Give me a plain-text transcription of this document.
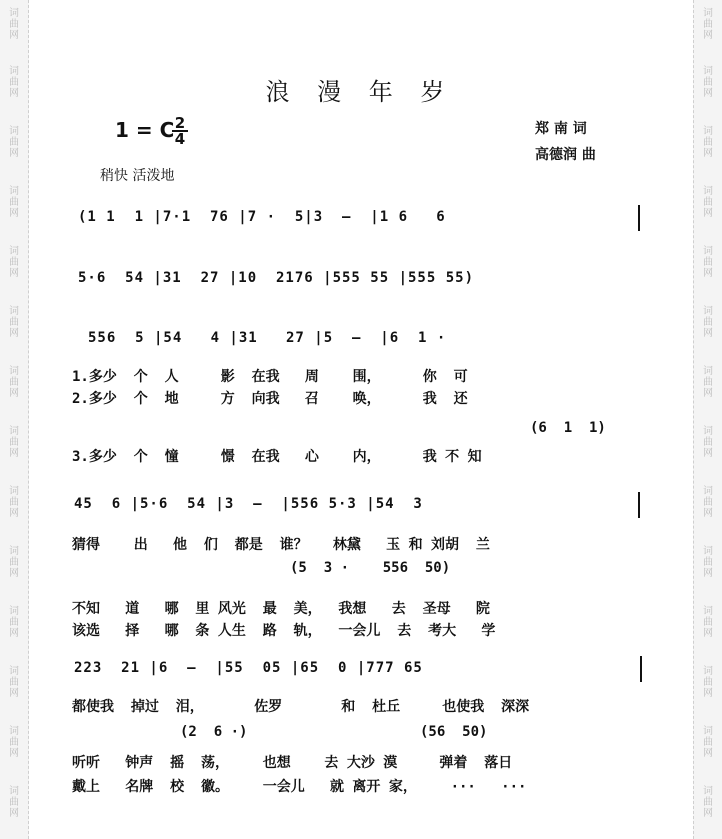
词
曲
网
词
曲
网
词
曲
网
词
曲
网
词
曲
网
词
曲
网
词
曲
网
词
曲
网
词
曲
网
词
曲
网
词
曲
网
词
曲
网
词
曲
网
词
曲
网
词
曲
网
词
曲
网
词
曲
网
词
曲
网
词
曲
网
词
曲
网
词
曲
网
词
曲
网
词
曲
网
词
曲
网
词
曲
网
词
曲
网
词
曲
网
词
曲
网
浪 漫 年 岁
1 = C
$\frac{2}{4}$	郑 南 词
高德润 曲
稍快 活泼地
(1 1  1 |7·1  76 |7 ·  5|3  —  |1 6   6
5·6  54 |31  27 |10  2176 |555 55 |555 55)
556  5 |54   4 |31   27 |5  —  |6  1 ·
1.多少  个  人     影  在我   周    围，     你  可
2.多少  个  地     方  向我   召    唤，     我  还
(6  1  1)
3.多少  个  憧     憬  在我   心    内，     我 不 知
45  6 |5·6  54 |3  —  |556 5·3 |54  3
猜得    出   他  们  都是  谁？   林黛   玉 和 刘胡  兰
(5  3 ·    556  50)
不知   道   哪  里 风光  最  美，  我想   去  圣母   院
该选   择   哪  条 人生  路  轨，  一会儿  去  考大   学
223  21 |6  —  |55  05 |65  0 |777 65
都使我  掉过  泪，      佐罗       和  杜丘     也使我  深深
(2  6 ·)	(56  50)
听听   钟声  摇  荡，    也想    去 大沙 漠     弹着  落日
戴上   名牌  校  徽。    一会儿   就 离开 家，    ···   ···
